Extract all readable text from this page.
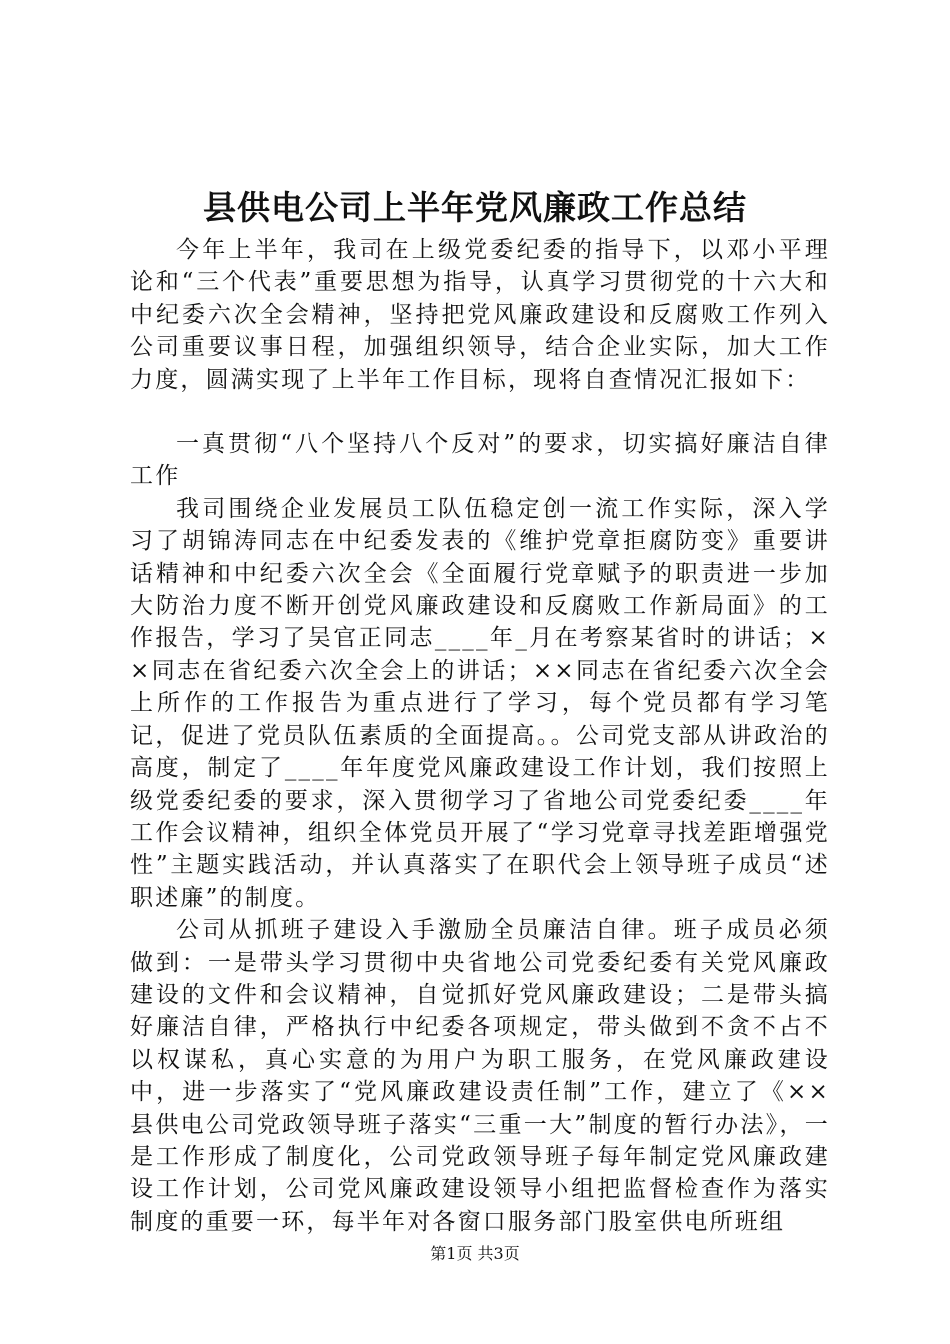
县供电公司上半年党风廉政工作总结

今年上半年，我司在上级党委纪委的指导下，以邓小平理论和“三个代表”重要思想为指导，认真学习贯彻党的十六大和中纪委六次全会精神，坚持把党风廉政建设和反腐败工作列入公司重要议事日程，加强组织领导，结合企业实际，加大工作力度，圆满实现了上半年工作目标，现将自查情况汇报如下：

一真贯彻“八个坚持八个反对”的要求，切实搞好廉洁自律工作

我司围绕企业发展员工队伍稳定创一流工作实际，深入学习了胡锦涛同志在中纪委发表的《维护党章拒腐防变》重要讲话精神和中纪委六次全会《全面履行党章赋予的职责进一步加大防治力度不断开创党风廉政建设和反腐败工作新局面》的工作报告，学习了吴官正同志____年_月在考察某省时的讲话；××同志在省纪委六次全会上的讲话；××同志在省纪委六次全会上所作的工作报告为重点进行了学习，每个党员都有学习笔记，促进了党员队伍素质的全面提高。。公司党支部从讲政治的高度，制定了____年年度党风廉政建设工作计划，我们按照上级党委纪委的要求，深入贯彻学习了省地公司党委纪委____年工作会议精神，组织全体党员开展了“学习党章寻找差距增强党性”主题实践活动，并认真落实了在职代会上领导班子成员“述职述廉”的制度。

公司从抓班子建设入手激励全员廉洁自律。班子成员必须做到：一是带头学习贯彻中央省地公司党委纪委有关党风廉政建设的文件和会议精神，自觉抓好党风廉政建设；二是带头搞好廉洁自律，严格执行中纪委各项规定，带头做到不贪不占不以权谋私，真心实意的为用户为职工服务，在党风廉政建设中，进一步落实了“党风廉政建设责任制”工作，建立了《××县供电公司党政领导班子落实“三重一大”制度的暂行办法》，一是工作形成了制度化，公司党政领导班子每年制定党风廉政建设工作计划，公司党风廉政建设领导小组把监督检查作为落实制度的重要一环，每半年对各窗口服务部门股室供电所班组

第1页 共3页
